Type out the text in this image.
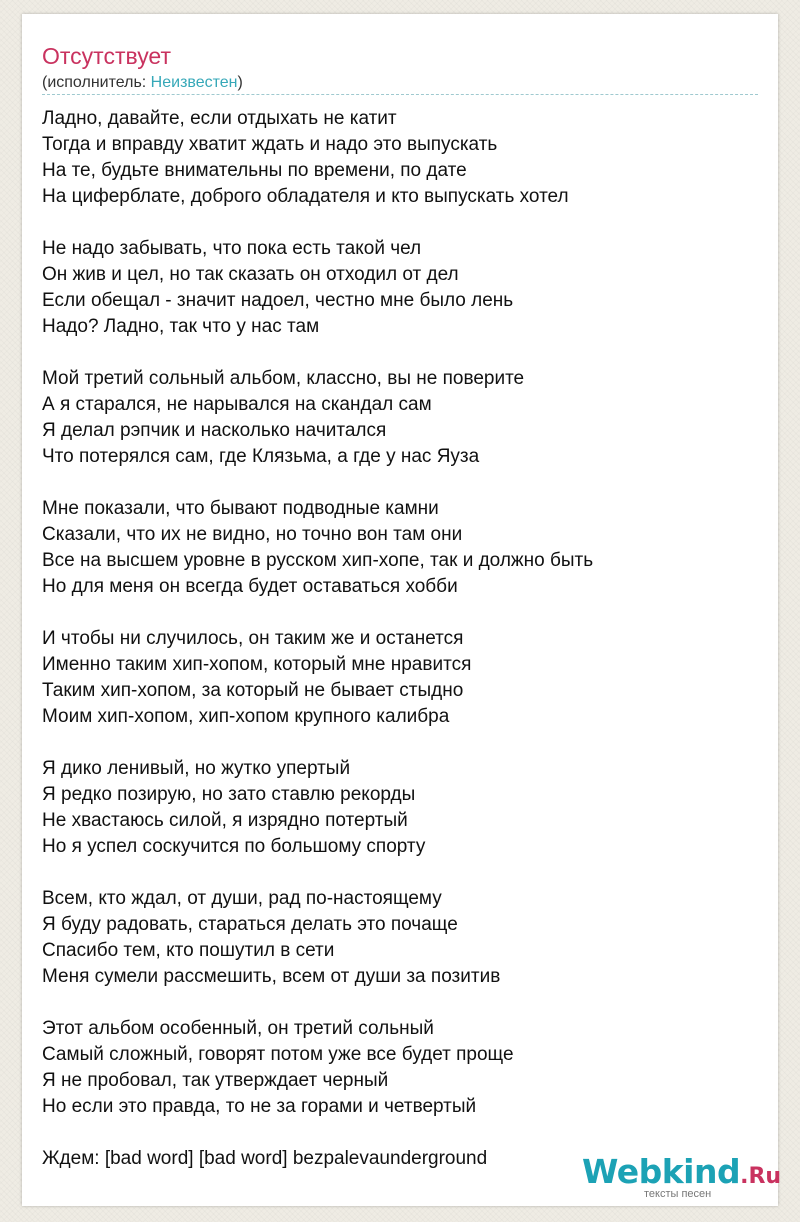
Отсутствует
(исполнитель: Неизвестен)
Ладно, давайте, если отдыхать не катит
Тогда и вправду хватит ждать и надо это выпускать
На те, будьте внимательны по времени, по дате
На циферблате, доброго обладателя и кто выпускать хотел
Не надо забывать, что пока есть такой чел
Он жив и цел, но так сказать он отходил от дел
Если обещал - значит надоел, честно мне было лень
Надо? Ладно, так что у нас там
Мой третий сольный альбом, классно, вы не поверите
А я старался, не нарывался на скандал сам
Я делал рэпчик и насколько начитался
Что потерялся сам, где Клязьма, а где у нас Яуза
Мне показали, что бывают подводные камни
Сказали, что их не видно, но точно вон там они
Все на высшем уровне в русском хип-хопе, так и должно быть
Но для меня он всегда будет оставаться хобби
И чтобы ни случилось, он таким же и останется
Именно таким хип-хопом, который мне нравится
Таким хип-хопом, за который не бывает стыдно
Моим хип-хопом, хип-хопом крупного калибра
Я дико ленивый, но жутко упертый
Я редко позирую, но зато ставлю рекорды
Не хвастаюсь силой, я изрядно потертый
Но я успел соскучится по большому спорту
Всем, кто ждал, от души, рад по-настоящему
Я буду радовать, стараться делать это почаще
Спасибо тем, кто пошутил в сети
Меня сумели рассмешить, всем от души за позитив
Этот альбом особенный, он третий сольный
Самый сложный, говорят потом уже все будет проще
Я не пробовал, так утверждает черный
Но если это правда, то не за горами и четвертый
Ждем: [bad word] [bad word] bezpalevaunderground	Webkind.Ru
тексты песен
